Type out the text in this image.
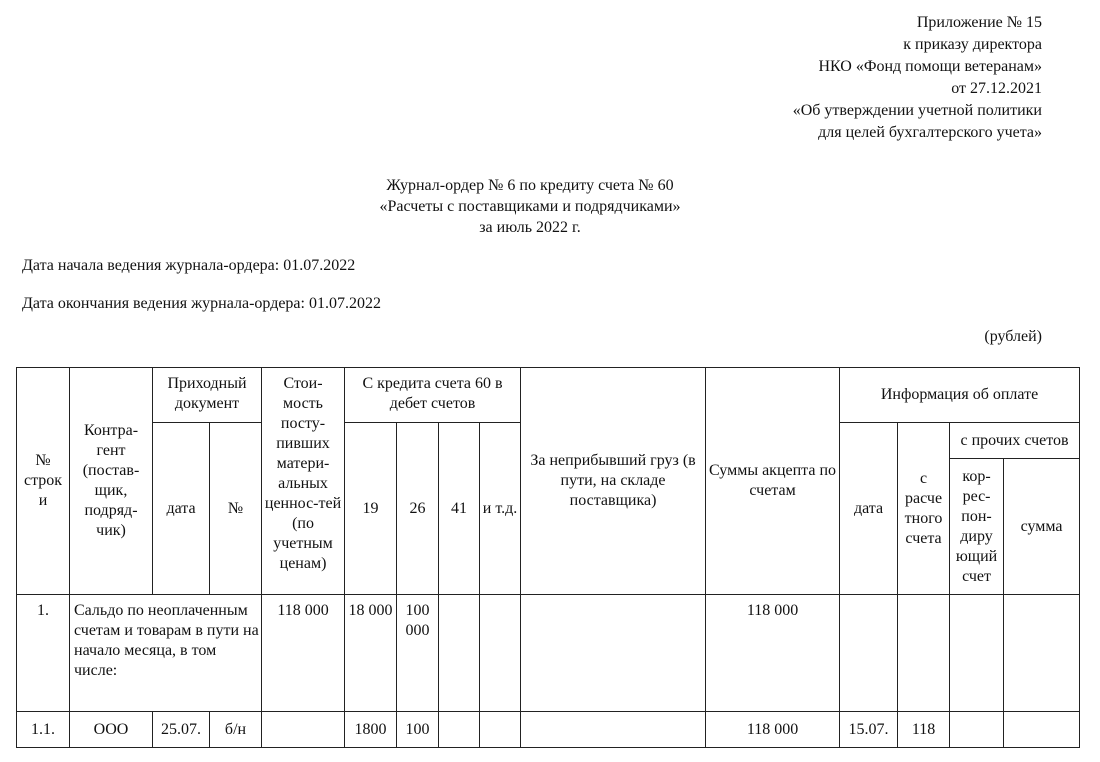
Приложение № 15
к приказу директора
НКО «Фонд помощи ветеранам»
от 27.12.2021
«Об утверждении учетной политики
для целей бухгалтерского учета»
Журнал-ордер № 6 по кредиту счета № 60
«Расчеты с поставщиками и подрядчиками»
за июль 2022 г.
Дата начала ведения журнала-ордера: 01.07.2022
Дата окончания ведения журнала-ордера: 01.07.2022
(рублей)
№ строк и	Контра-гент (постав-щик, подряд-чик)	Приходный документ		Стои-мость посту-пивших матери-альных ценнос-тей (по учетным ценам)	С кредита счета 60 в дебет счетов				За неприбывший груз (в пути, на складе поставщика)	Суммы акцепта по счетам	Информация об оплате			
		дата	№		19	26	41	и т.д.			дата	с расче тного счета	с прочих счетов	
													кор-рес-пон-диру ющий счет	сумма
1.	Сальдо по неоплаченным счетам и товарам в пути на начало месяца, в том числе:			118 000	18 000	100 000				118 000				
1.1.	ООО	25.07.	б/н		1800	100				118 000	15.07.	118		
